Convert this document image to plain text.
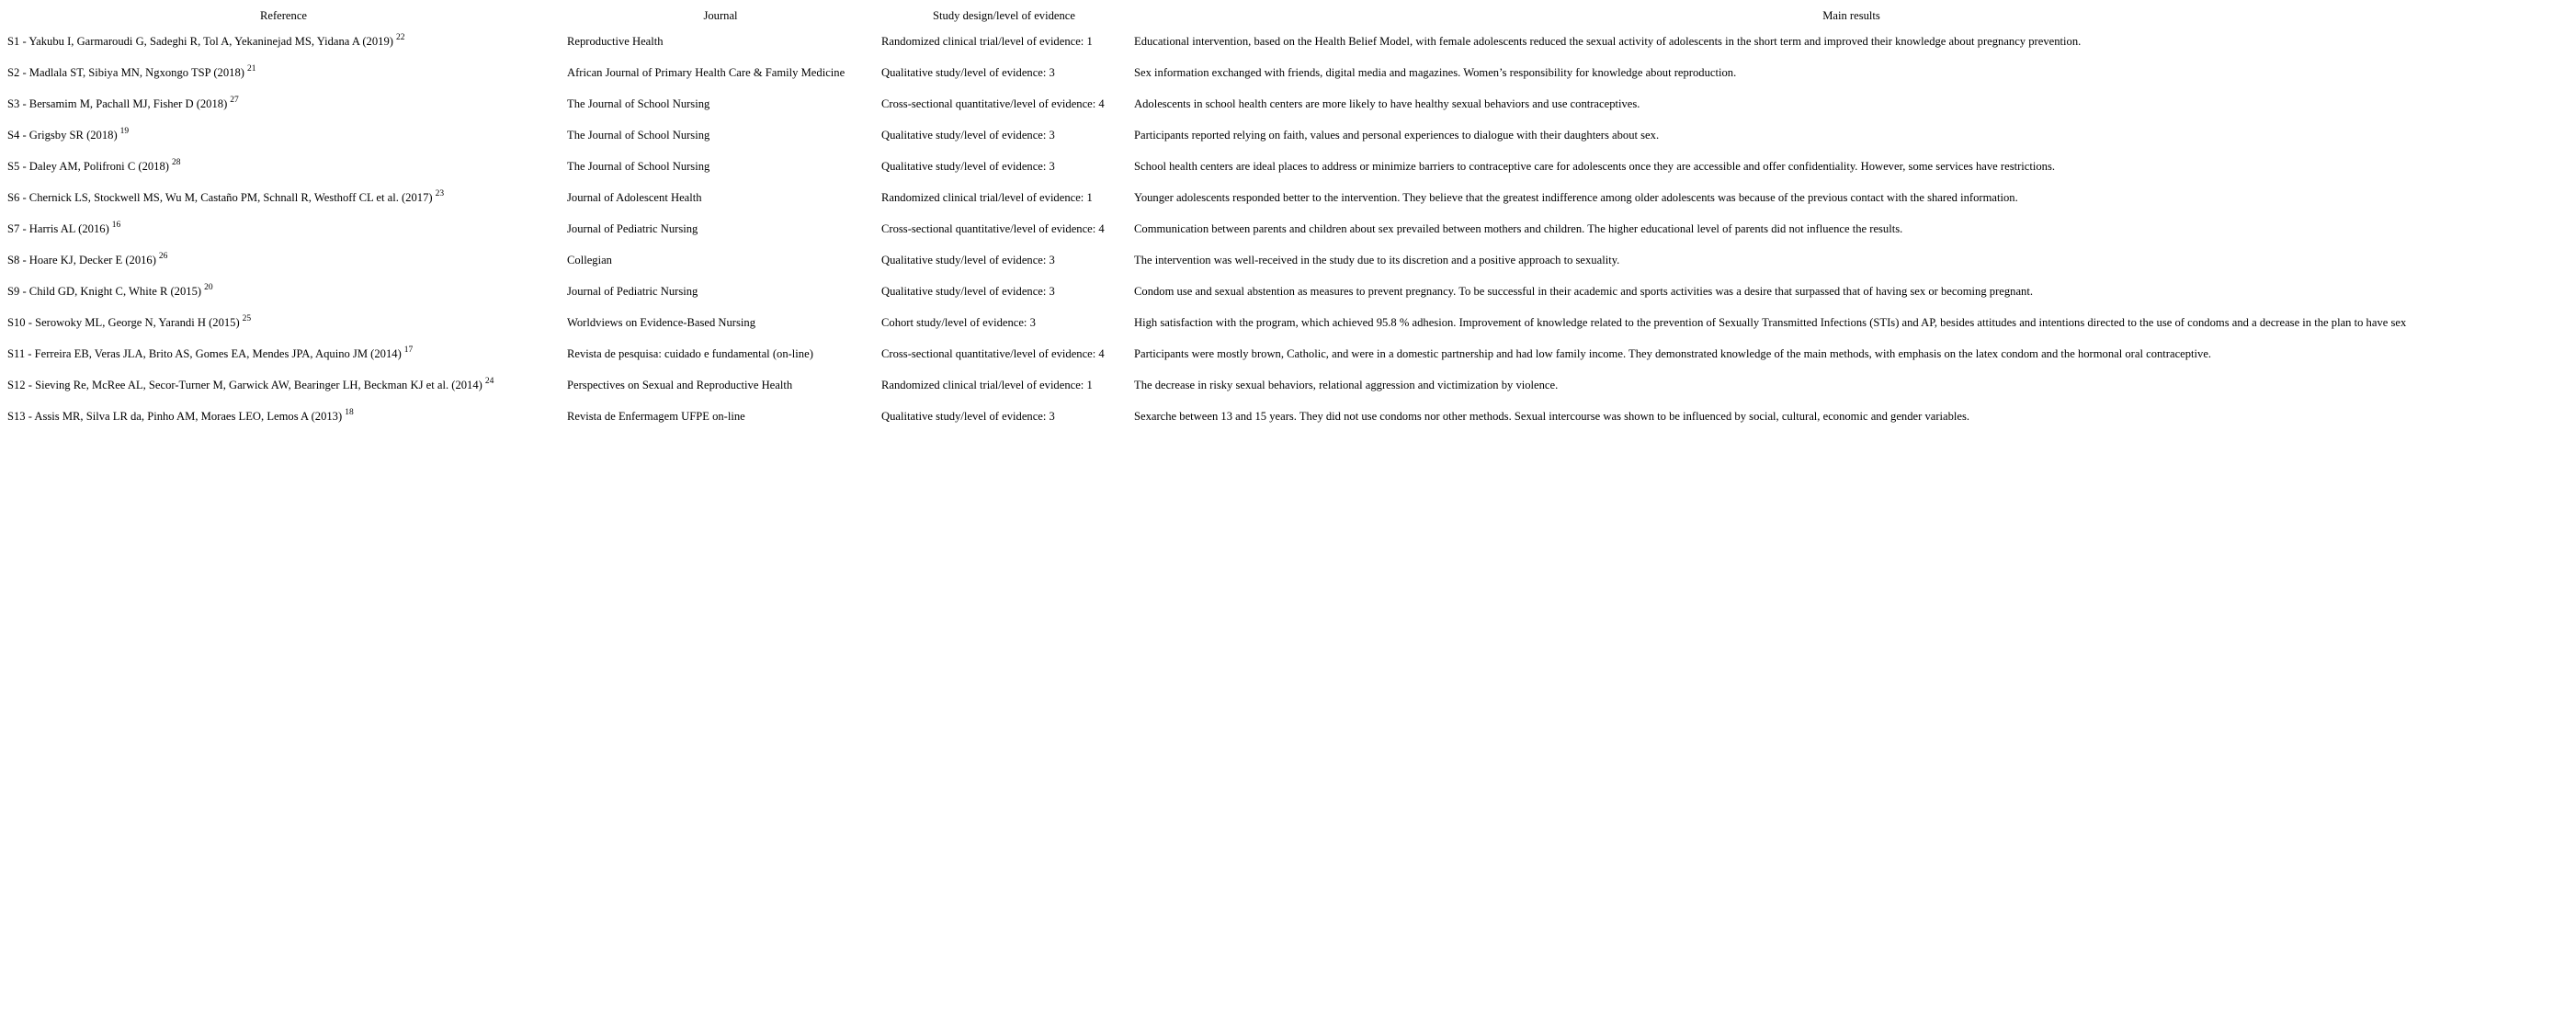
Reference	Journal	Study design/level of evidence	Main results
S1 - Yakubu I, Garmaroudi G, Sadeghi R, Tol A, Yekaninejad MS, Yidana A (2019) $^{22}$	Reproductive Health	Randomized clinical trial/level of evidence: 1	Educational intervention, based on the Health Belief Model, with female adolescents reduced the sexual activity of adolescents in the short term and improved their knowledge about pregnancy prevention.
S2 - Madlala ST, Sibiya MN, Ngxongo TSP (2018) $^{21}$	African Journal of Primary Health Care & Family Medicine	Qualitative study/level of evidence: 3	Sex information exchanged with friends, digital media and magazines. Women’s responsibility for knowledge about reproduction.
S3 - Bersamim M, Pachall MJ, Fisher D (2018) $^{27}$	The Journal of School Nursing	Cross-sectional quantitative/level of evidence: 4	Adolescents in school health centers are more likely to have healthy sexual behaviors and use contraceptives.
S4 - Grigsby SR (2018) $^{19}$	The Journal of School Nursing	Qualitative study/level of evidence: 3	Participants reported relying on faith, values and personal experiences to dialogue with their daughters about sex.
S5 - Daley AM, Polifroni C (2018) $^{28}$	The Journal of School Nursing	Qualitative study/level of evidence: 3	School health centers are ideal places to address or minimize barriers to contraceptive care for adolescents once they are accessible and offer confidentiality. However, some services have restrictions.
S6 - Chernick LS, Stockwell MS, Wu M, Castaño PM, Schnall R, Westhoff CL et al. (2017) $^{23}$	Journal of Adolescent Health	Randomized clinical trial/level of evidence: 1	Younger adolescents responded better to the intervention. They believe that the greatest indifference among older adolescents was because of the previous contact with the shared information.
S7 - Harris AL (2016) $^{16}$	Journal of Pediatric Nursing	Cross-sectional quantitative/level of evidence: 4	Communication between parents and children about sex prevailed between mothers and children. The higher educational level of parents did not influence the results.
S8 - Hoare KJ, Decker E (2016) $^{26}$	Collegian	Qualitative study/level of evidence: 3	The intervention was well-received in the study due to its discretion and a positive approach to sexuality.
S9 - Child GD, Knight C, White R (2015) $^{20}$	Journal of Pediatric Nursing	Qualitative study/level of evidence: 3	Condom use and sexual abstention as measures to prevent pregnancy. To be successful in their academic and sports activities was a desire that surpassed that of having sex or becoming pregnant.
S10 - Serowoky ML, George N, Yarandi H (2015) $^{25}$	Worldviews on Evidence-Based Nursing	Cohort study/level of evidence: 3	High satisfaction with the program, which achieved 95.8 % adhesion. Improvement of knowledge related to the prevention of Sexually Transmitted Infections (STIs) and AP, besides attitudes and intentions directed to the use of condoms and a decrease in the plan to have sex
S11 - Ferreira EB, Veras JLA, Brito AS, Gomes EA, Mendes JPA, Aquino JM (2014) $^{17}$	Revista de pesquisa: cuidado e fundamental (on-line)	Cross-sectional quantitative/level of evidence: 4	Participants were mostly brown, Catholic, and were in a domestic partnership and had low family income. They demonstrated knowledge of the main methods, with emphasis on the latex condom and the hormonal oral contraceptive.
S12 - Sieving Re, McRee AL, Secor-Turner M, Garwick AW, Bearinger LH, Beckman KJ et al. (2014) $^{24}$	Perspectives on Sexual and Reproductive Health	Randomized clinical trial/level of evidence: 1	The decrease in risky sexual behaviors, relational aggression and victimization by violence.
S13 - Assis MR, Silva LR da, Pinho AM, Moraes LEO, Lemos A (2013) $^{18}$	Revista de Enfermagem UFPE on-line	Qualitative study/level of evidence: 3	Sexarche between 13 and 15 years. They did not use condoms nor other methods. Sexual intercourse was shown to be influenced by social, cultural, economic and gender variables.
